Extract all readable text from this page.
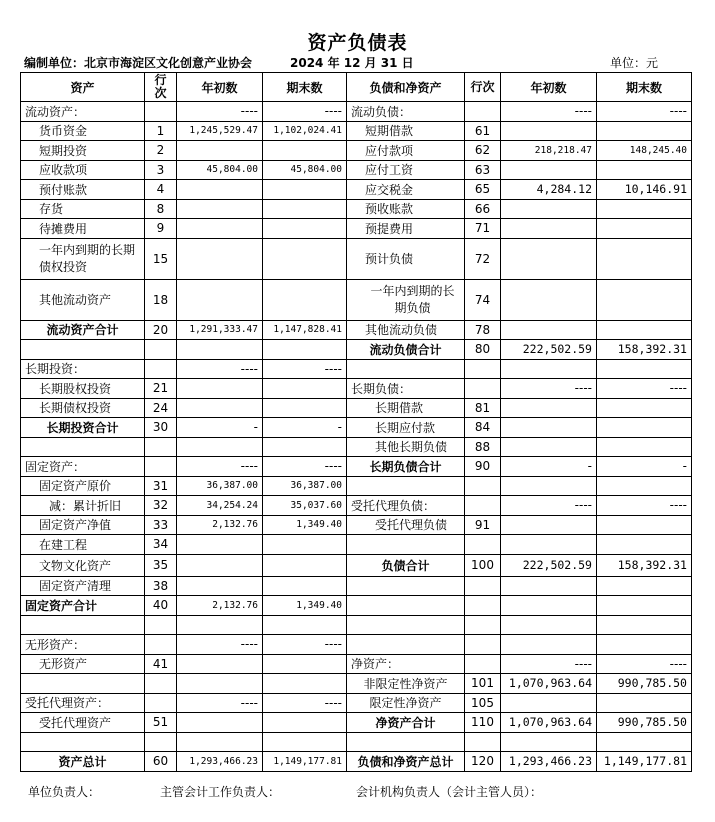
资产负债表
编制单位：北京市海淀区文化创意产业协会	2024 年 12 月 31 日	单位：元
资产	行次	年初数	期末数	负债和净资产	行次	年初数	期末数
流动资产：		----	----	流动负债：		----	----
货币资金	1	1,245,529.47	1,102,024.41	短期借款	61		
短期投资	2			应付款项	62	218,218.47	148,245.40
应收款项	3	45,804.00	45,804.00	应付工资	63		
预付账款	4			应交税金	65	4,284.12	10,146.91
存货	8			预收账款	66		
待摊费用	9			预提费用	71		
一年内到期的长期债权投资	15			预计负债	72		
其他流动资产	18			一年内到期的长期负债	74		
流动资产合计	20	1,291,333.47	1,147,828.41	其他流动负债	78		
				流动负债合计	80	222,502.59	158,392.31
长期投资：		----	----				
长期股权投资	21			长期负债：		----	----
长期债权投资	24			长期借款	81		
长期投资合计	30	-	-	长期应付款	84		
				其他长期负债	88		
固定资产：		----	----	长期负债合计	90	-	-
固定资产原价	31	36,387.00	36,387.00				
减：累计折旧	32	34,254.24	35,037.60	受托代理负债：		----	----
固定资产净值	33	2,132.76	1,349.40	受托代理负债	91		
在建工程	34						
文物文化资产	35			负债合计	100	222,502.59	158,392.31
固定资产清理	38						
固定资产合计	40	2,132.76	1,349.40				

无形资产：		----	----				
无形资产	41			净资产：		----	----
				非限定性净资产	101	1,070,963.64	990,785.50
受托代理资产：		----	----	限定性净资产	105		
受托代理资产	51			净资产合计	110	1,070,963.64	990,785.50

资产总计	60	1,293,466.23	1,149,177.81	负债和净资产总计	120	1,293,466.23	1,149,177.81
单位负责人：	主管会计工作负责人：	会计机构负责人（会计主管人员）：
